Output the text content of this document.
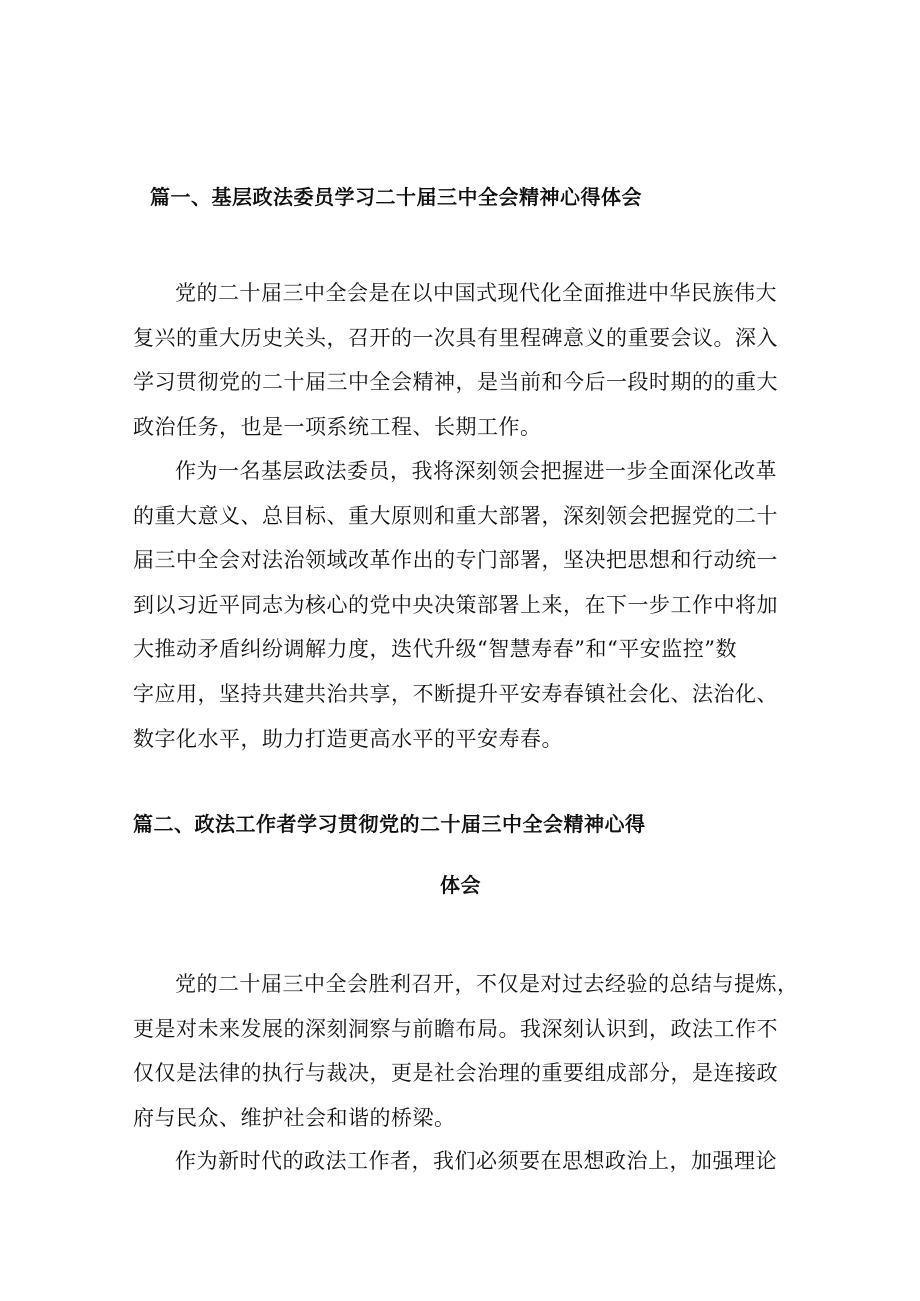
篇一、基层政法委员学习二十届三中全会精神心得体会
党的二十届三中全会是在以中国式现代化全面推进中华民族伟大
复兴的重大历史关头，召开的一次具有里程碑意义的重要会议。深入
学习贯彻党的二十届三中全会精神，是当前和今后一段时期的的重大
政治任务，也是一项系统工程、长期工作。
作为一名基层政法委员，我将深刻领会把握进一步全面深化改革
的重大意义、总目标、重大原则和重大部署，深刻领会把握党的二十
届三中全会对法治领域改革作出的专门部署，坚决把思想和行动统一
到以习近平同志为核心的党中央决策部署上来，在下一步工作中将加
大推动矛盾纠纷调解力度，迭代升级“智慧寿春”和“平安监控”数
字应用，坚持共建共治共享，不断提升平安寿春镇社会化、法治化、
数字化水平，助力打造更高水平的平安寿春。
篇二、政法工作者学习贯彻党的二十届三中全会精神心得
体会
党的二十届三中全会胜利召开，不仅是对过去经验的总结与提炼，
更是对未来发展的深刻洞察与前瞻布局。我深刻认识到，政法工作不
仅仅是法律的执行与裁决，更是社会治理的重要组成部分，是连接政
府与民众、维护社会和谐的桥梁。
作为新时代的政法工作者，我们必须要在思想政治上，加强理论
